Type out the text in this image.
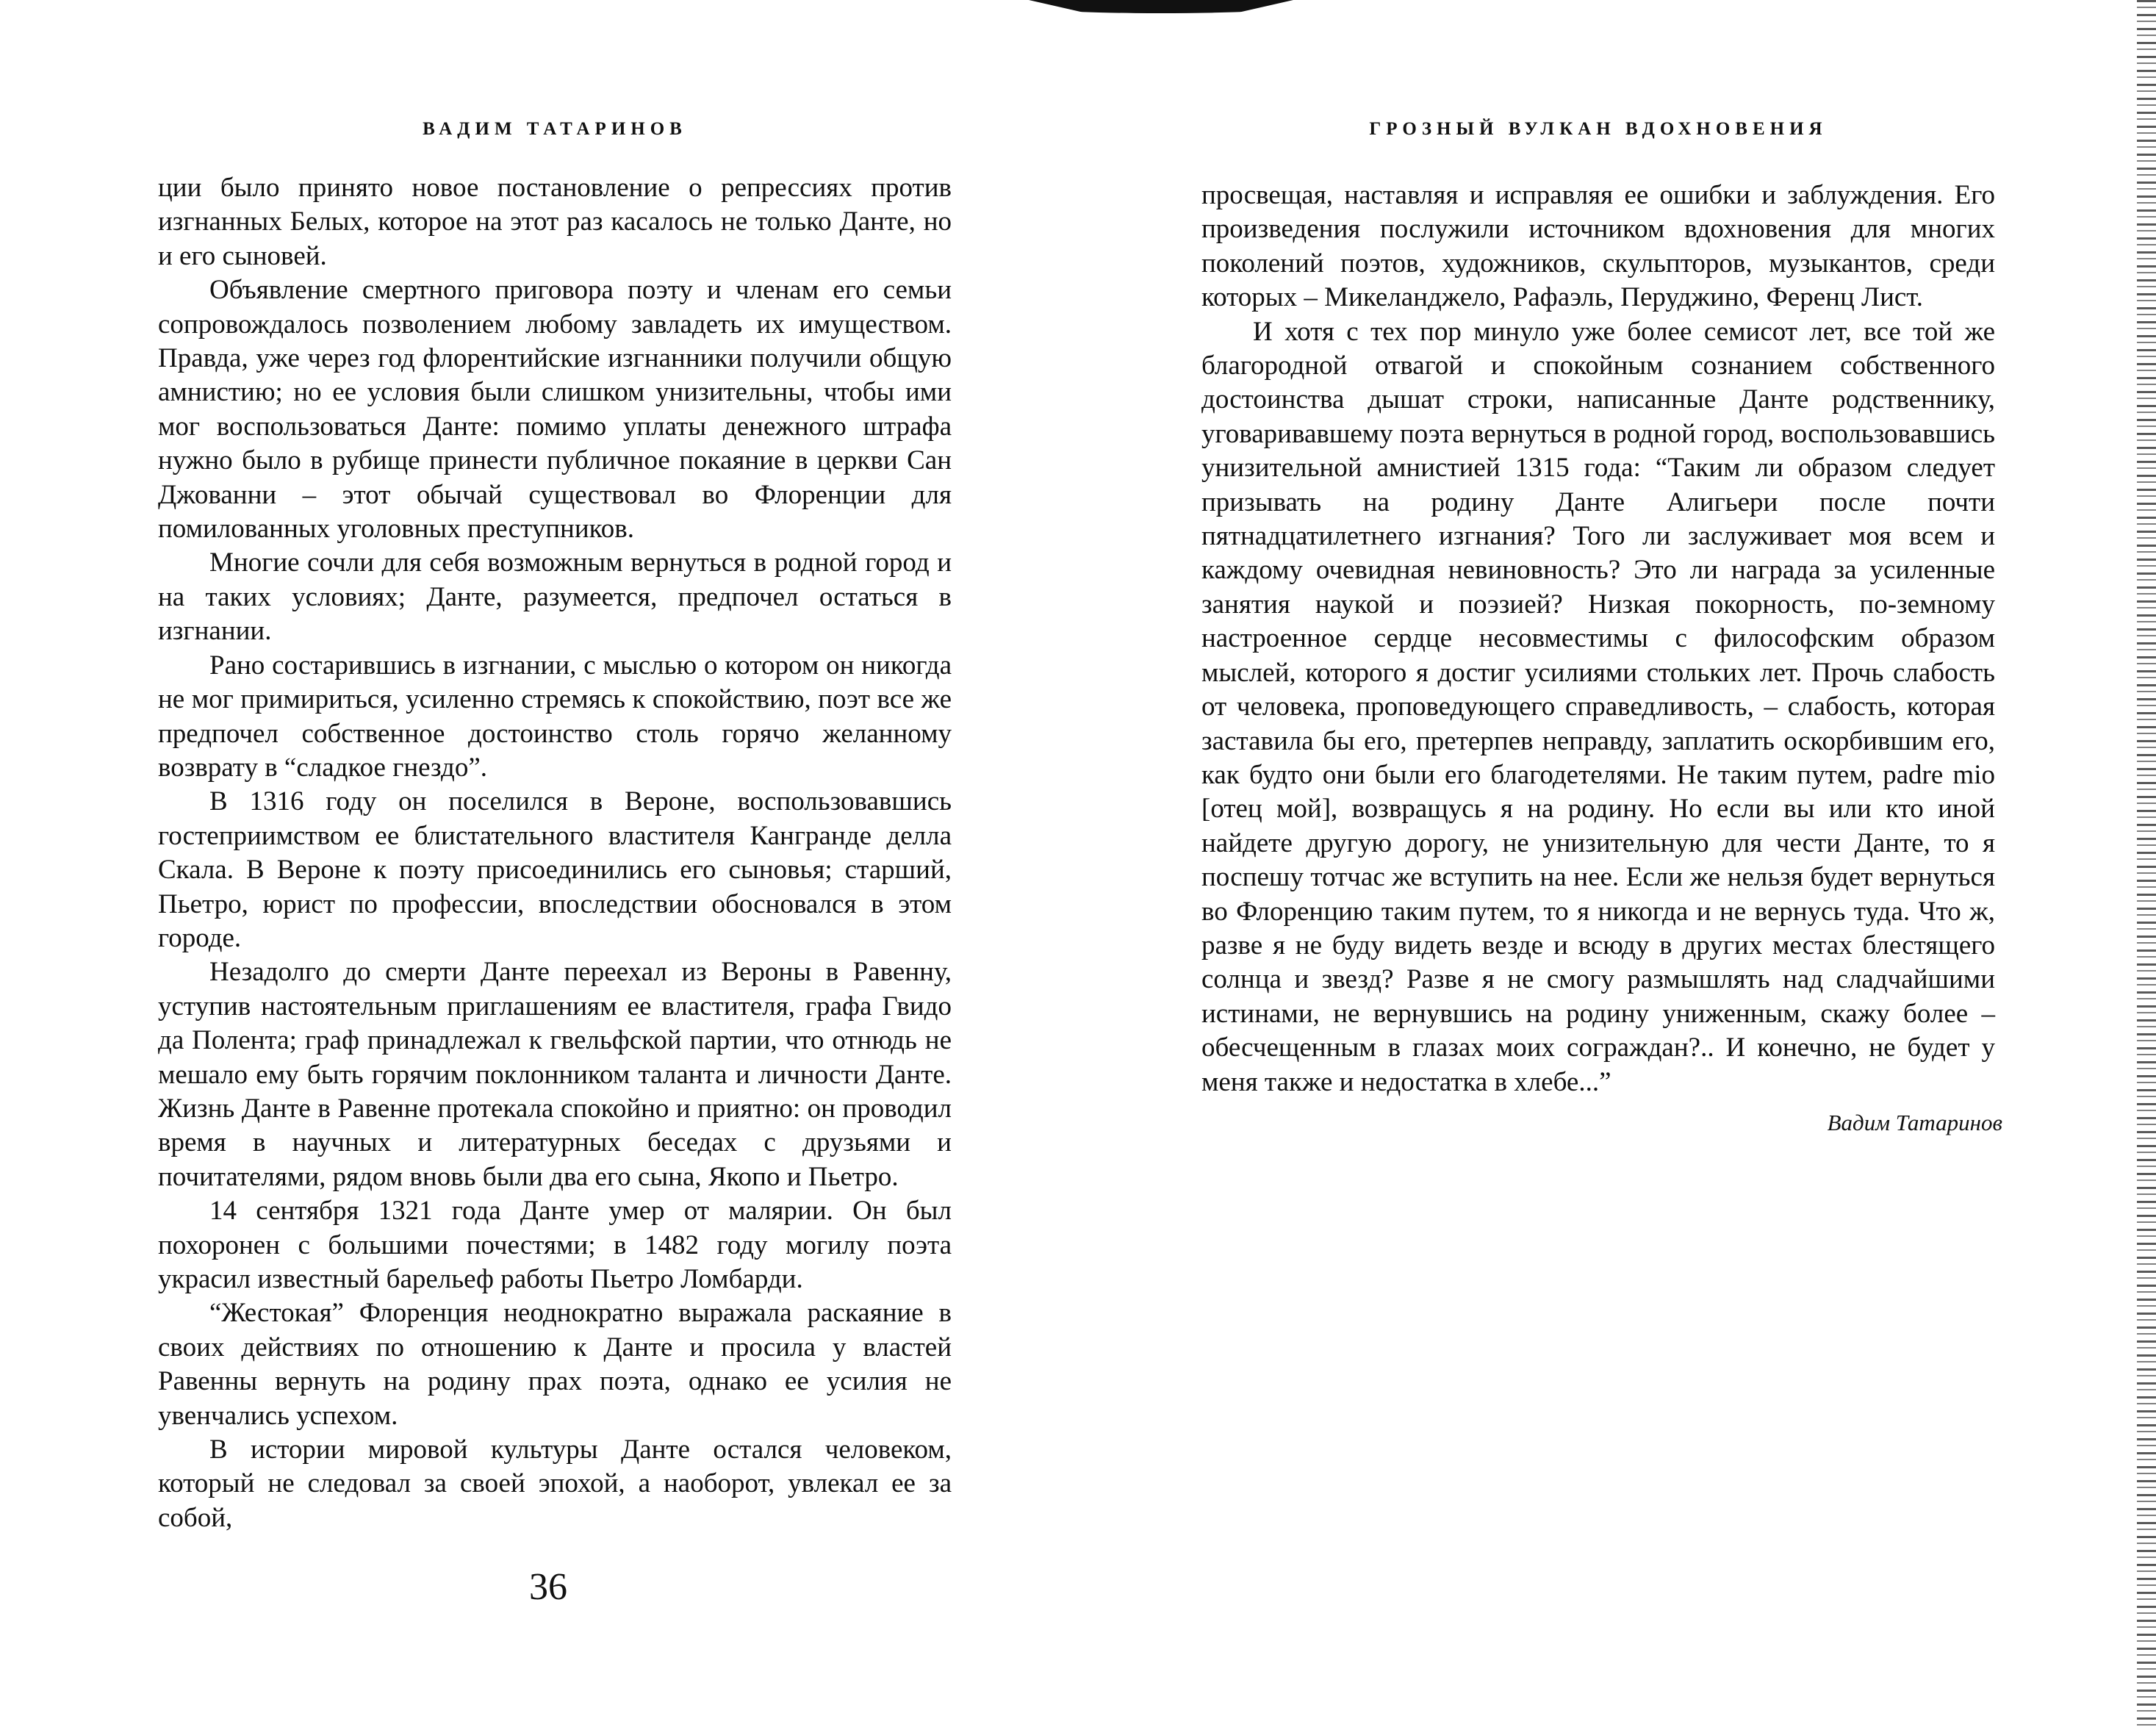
ВАДИМ ТАТАРИНОВ

ции было принято новое постановление о репрессиях против изгнанных Белых, которое на этот раз касалось не только Данте, но и его сыновей.

Объявление смертного приговора поэту и членам его семьи сопровождалось позволением любому завладеть их имуществом. Правда, уже через год флорентийские изгнанники получили общую амнистию; но ее условия были слишком унизительны, чтобы ими мог воспользоваться Данте: помимо уплаты денежного штрафа нужно было в рубище принести публичное покаяние в церкви Сан Джованни – этот обычай существовал во Флоренции для помилованных уголовных преступников.

Многие сочли для себя возможным вернуться в родной город и на таких условиях; Данте, разумеется, предпочел остаться в изгнании.

Рано состарившись в изгнании, с мыслью о котором он никогда не мог примириться, усиленно стремясь к спокойствию, поэт все же предпочел собственное достоинство столь горячо желанному возврату в “сладкое гнездо”.

В 1316 году он поселился в Вероне, воспользовавшись гостеприимством ее блистательного властителя Кангранде делла Скала. В Вероне к поэту присоединились его сыновья; старший, Пьетро, юрист по профессии, впоследствии обосновался в этом городе.

Незадолго до смерти Данте переехал из Вероны в Равенну, уступив настоятельным приглашениям ее властителя, графа Гвидо да Полента; граф принадлежал к гвельфской партии, что отнюдь не мешало ему быть горячим поклонником таланта и личности Данте. Жизнь Данте в Равенне протекала спокойно и приятно: он проводил время в научных и литературных беседах с друзьями и почитателями, рядом вновь были два его сына, Якопо и Пьетро.

14 сентября 1321 года Данте умер от малярии. Он был похоронен с большими почестями; в 1482 году могилу поэта украсил известный барельеф работы Пьетро Ломбарди.

“Жестокая” Флоренция неоднократно выражала раскаяние в своих действиях по отношению к Данте и просила у властей Равенны вернуть на родину прах поэта, однако ее усилия не увенчались успехом.

В истории мировой культуры Данте остался человеком, который не следовал за своей эпохой, а наоборот, увлекал ее за собой,

36
ГРОЗНЫЙ ВУЛКАН ВДОХНОВЕНИЯ

просвещая, наставляя и исправляя ее ошибки и заблуждения. Его произведения послужили источником вдохновения для многих поколений поэтов, художников, скульпторов, музыкантов, среди которых – Микеланджело, Рафаэль, Перуджино, Ференц Лист.

И хотя с тех пор минуло уже более семисот лет, все той же благородной отвагой и спокойным сознанием собственного достоинства дышат строки, написанные Данте родственнику, уговаривавшему поэта вернуться в родной город, воспользовавшись унизительной амнистией 1315 года: “Таким ли образом следует призывать на родину Данте Алигьери после почти пятнадцатилетнего изгнания? Того ли заслуживает моя всем и каждому очевидная невиновность? Это ли награда за усиленные занятия наукой и поэзией? Низкая покорность, по-земному настроенное сердце несовместимы с философским образом мыслей, которого я достиг усилиями стольких лет. Прочь слабость от человека, проповедующего справедливость, – слабость, которая заставила бы его, претерпев неправду, заплатить оскорбившим его, как будто они были его благодетелями. Не таким путем, padre mio [отец мой], возвращусь я на родину. Но если вы или кто иной найдете другую дорогу, не унизительную для чести Данте, то я поспешу тотчас же вступить на нее. Если же нельзя будет вернуться во Флоренцию таким путем, то я никогда и не вернусь туда. Что ж, разве я не буду видеть везде и всюду в других местах блестящего солнца и звезд? Разве я не смогу размышлять над сладчайшими истинами, не вернувшись на родину униженным, скажу более – обесчещенным в глазах моих сограждан?.. И конечно, не будет у меня также и недостатка в хлебе...”

Вадим Татаринов
